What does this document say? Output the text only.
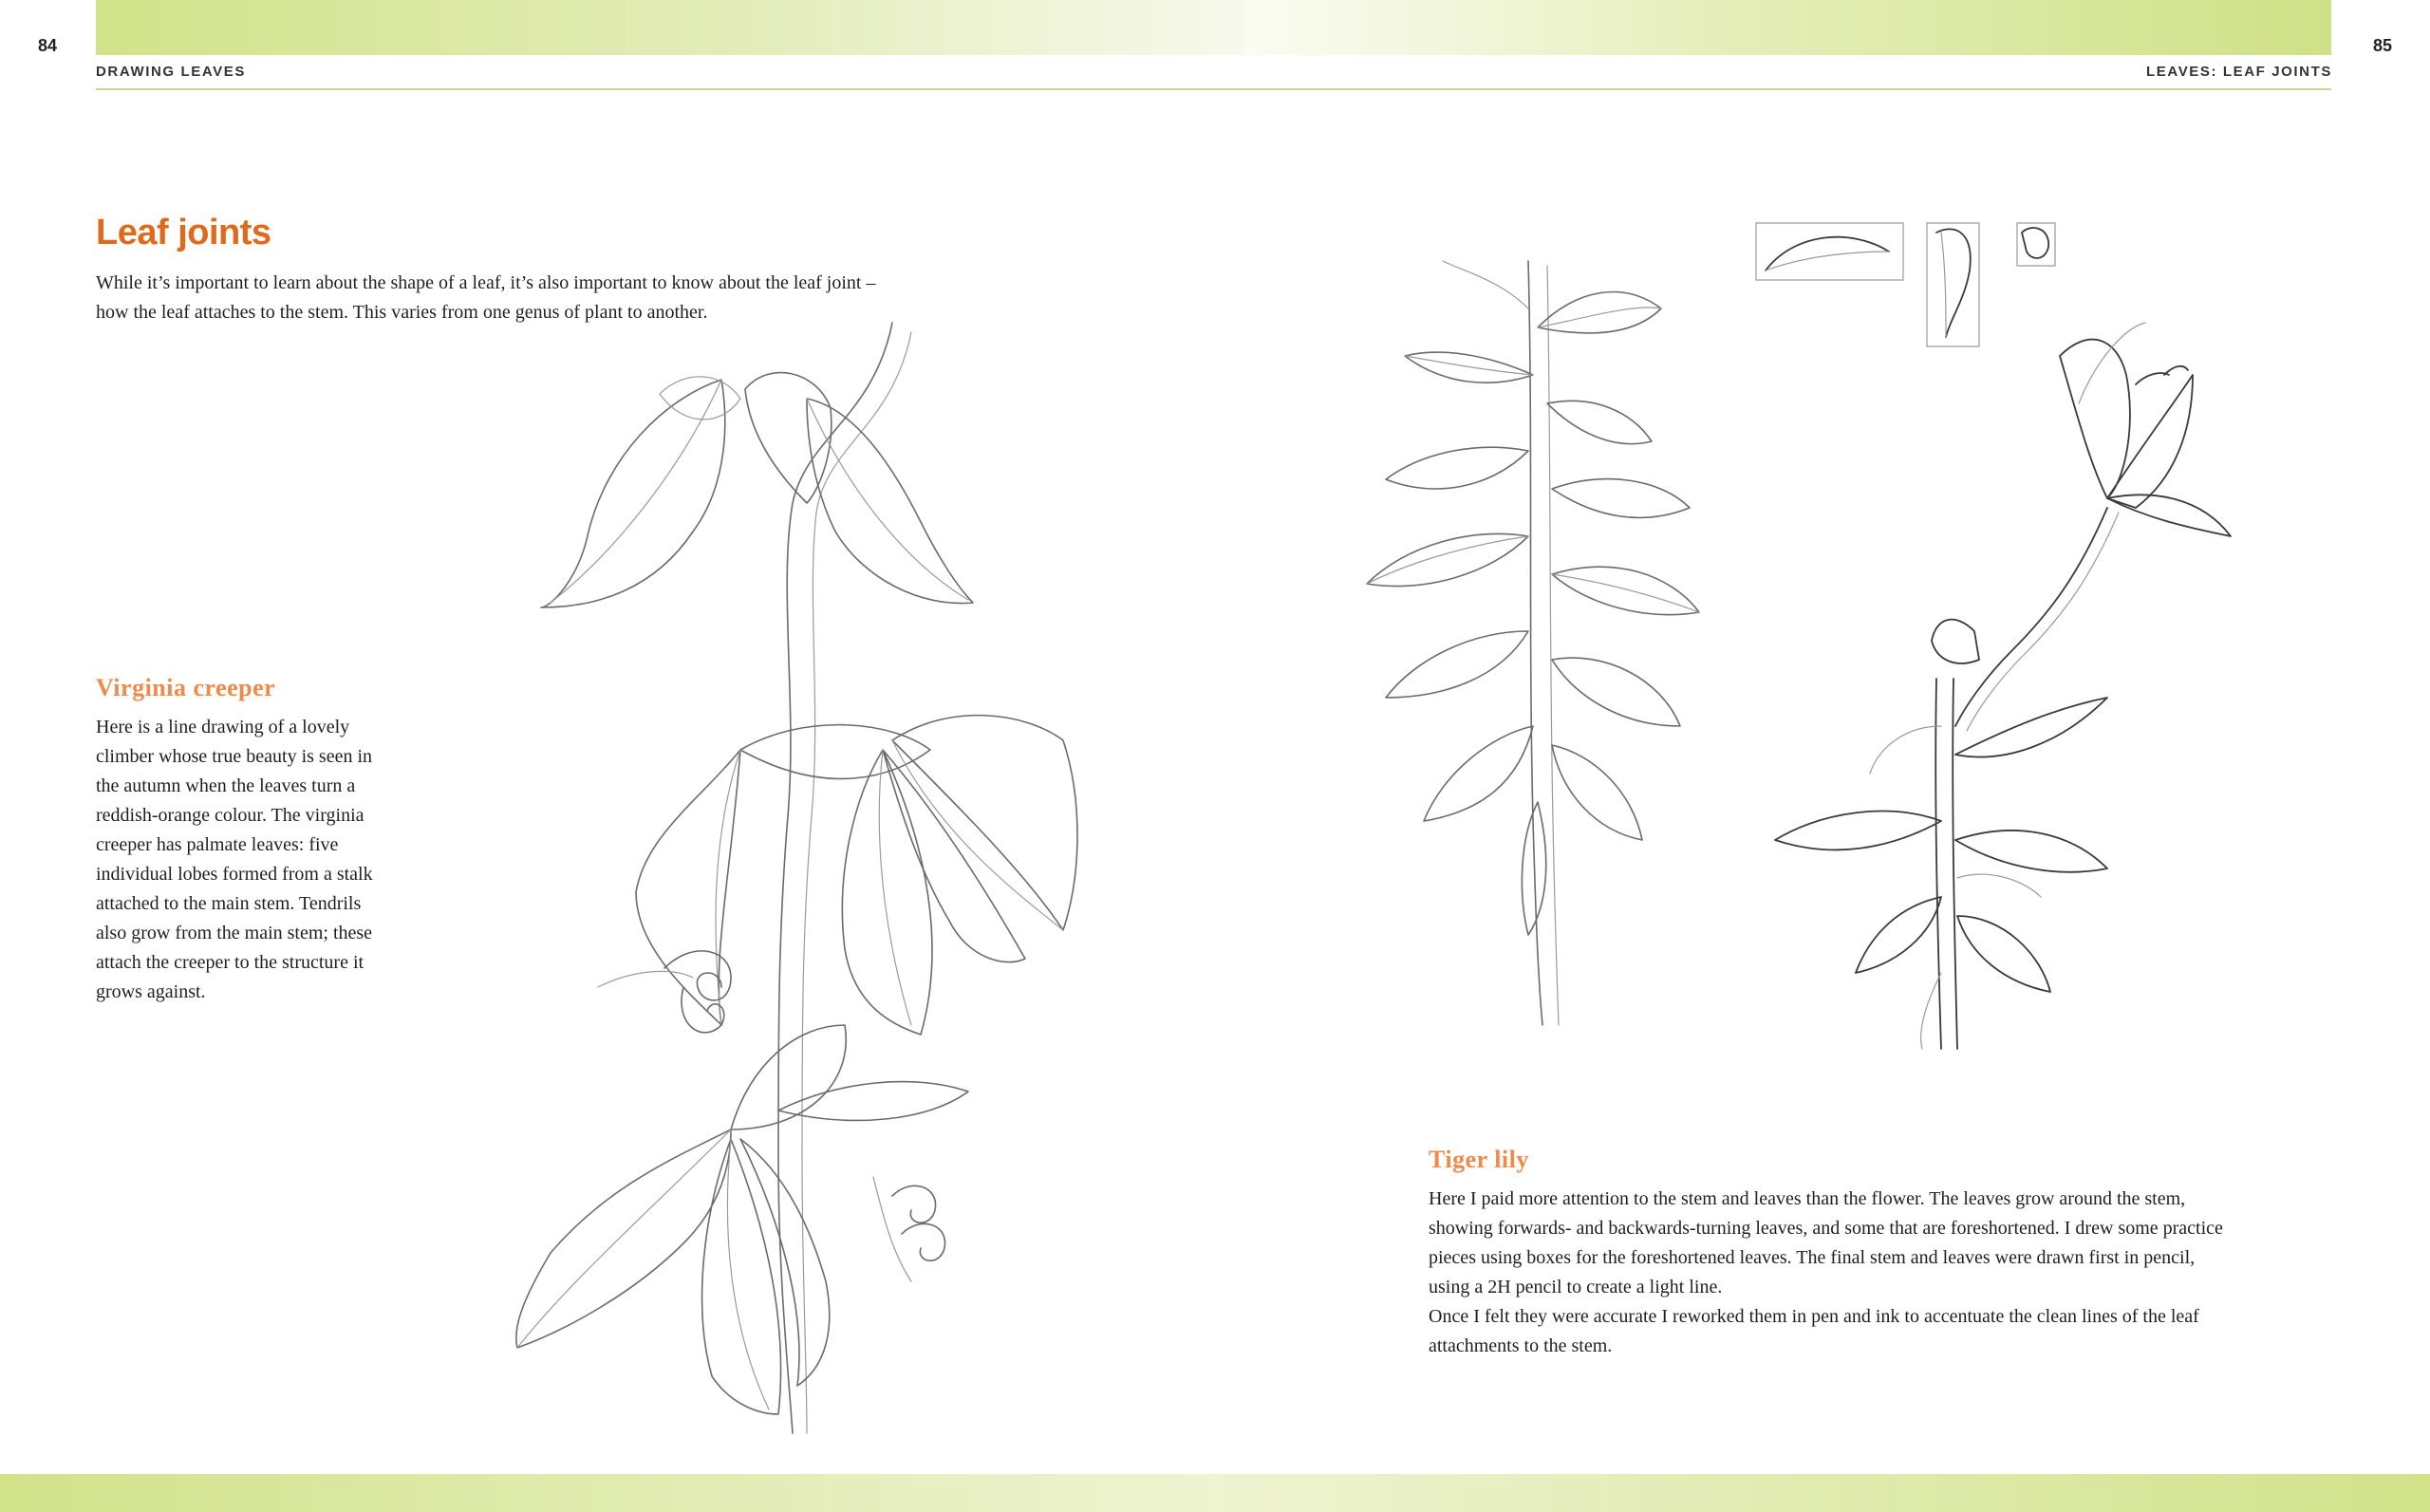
84	85
DRAWING LEAVES	LEAVES: LEAF JOINTS
Leaf joints

While it’s important to learn about the shape of a leaf, it’s also important to know about the leaf joint – how the leaf attaches to the stem. This varies from one genus of plant to another.

Virginia creeper

Here is a line drawing of a lovely climber whose true beauty is seen in the autumn when the leaves turn a reddish-orange colour. The virginia creeper has palmate leaves: five individual lobes formed from a stalk attached to the main stem. Tendrils also grow from the main stem; these attach the creeper to the structure it grows against.

Tiger lily

Here I paid more attention to the stem and leaves than the flower. The leaves grow around the stem, showing forwards- and backwards-turning leaves, and some that are foreshortened. I drew some practice pieces using boxes for the foreshortened leaves. The final stem and leaves were drawn first in pencil, using a 2H pencil to create a light line.

Once I felt they were accurate I reworked them in pen and ink to accentuate the clean lines of the leaf attachments to the stem.
